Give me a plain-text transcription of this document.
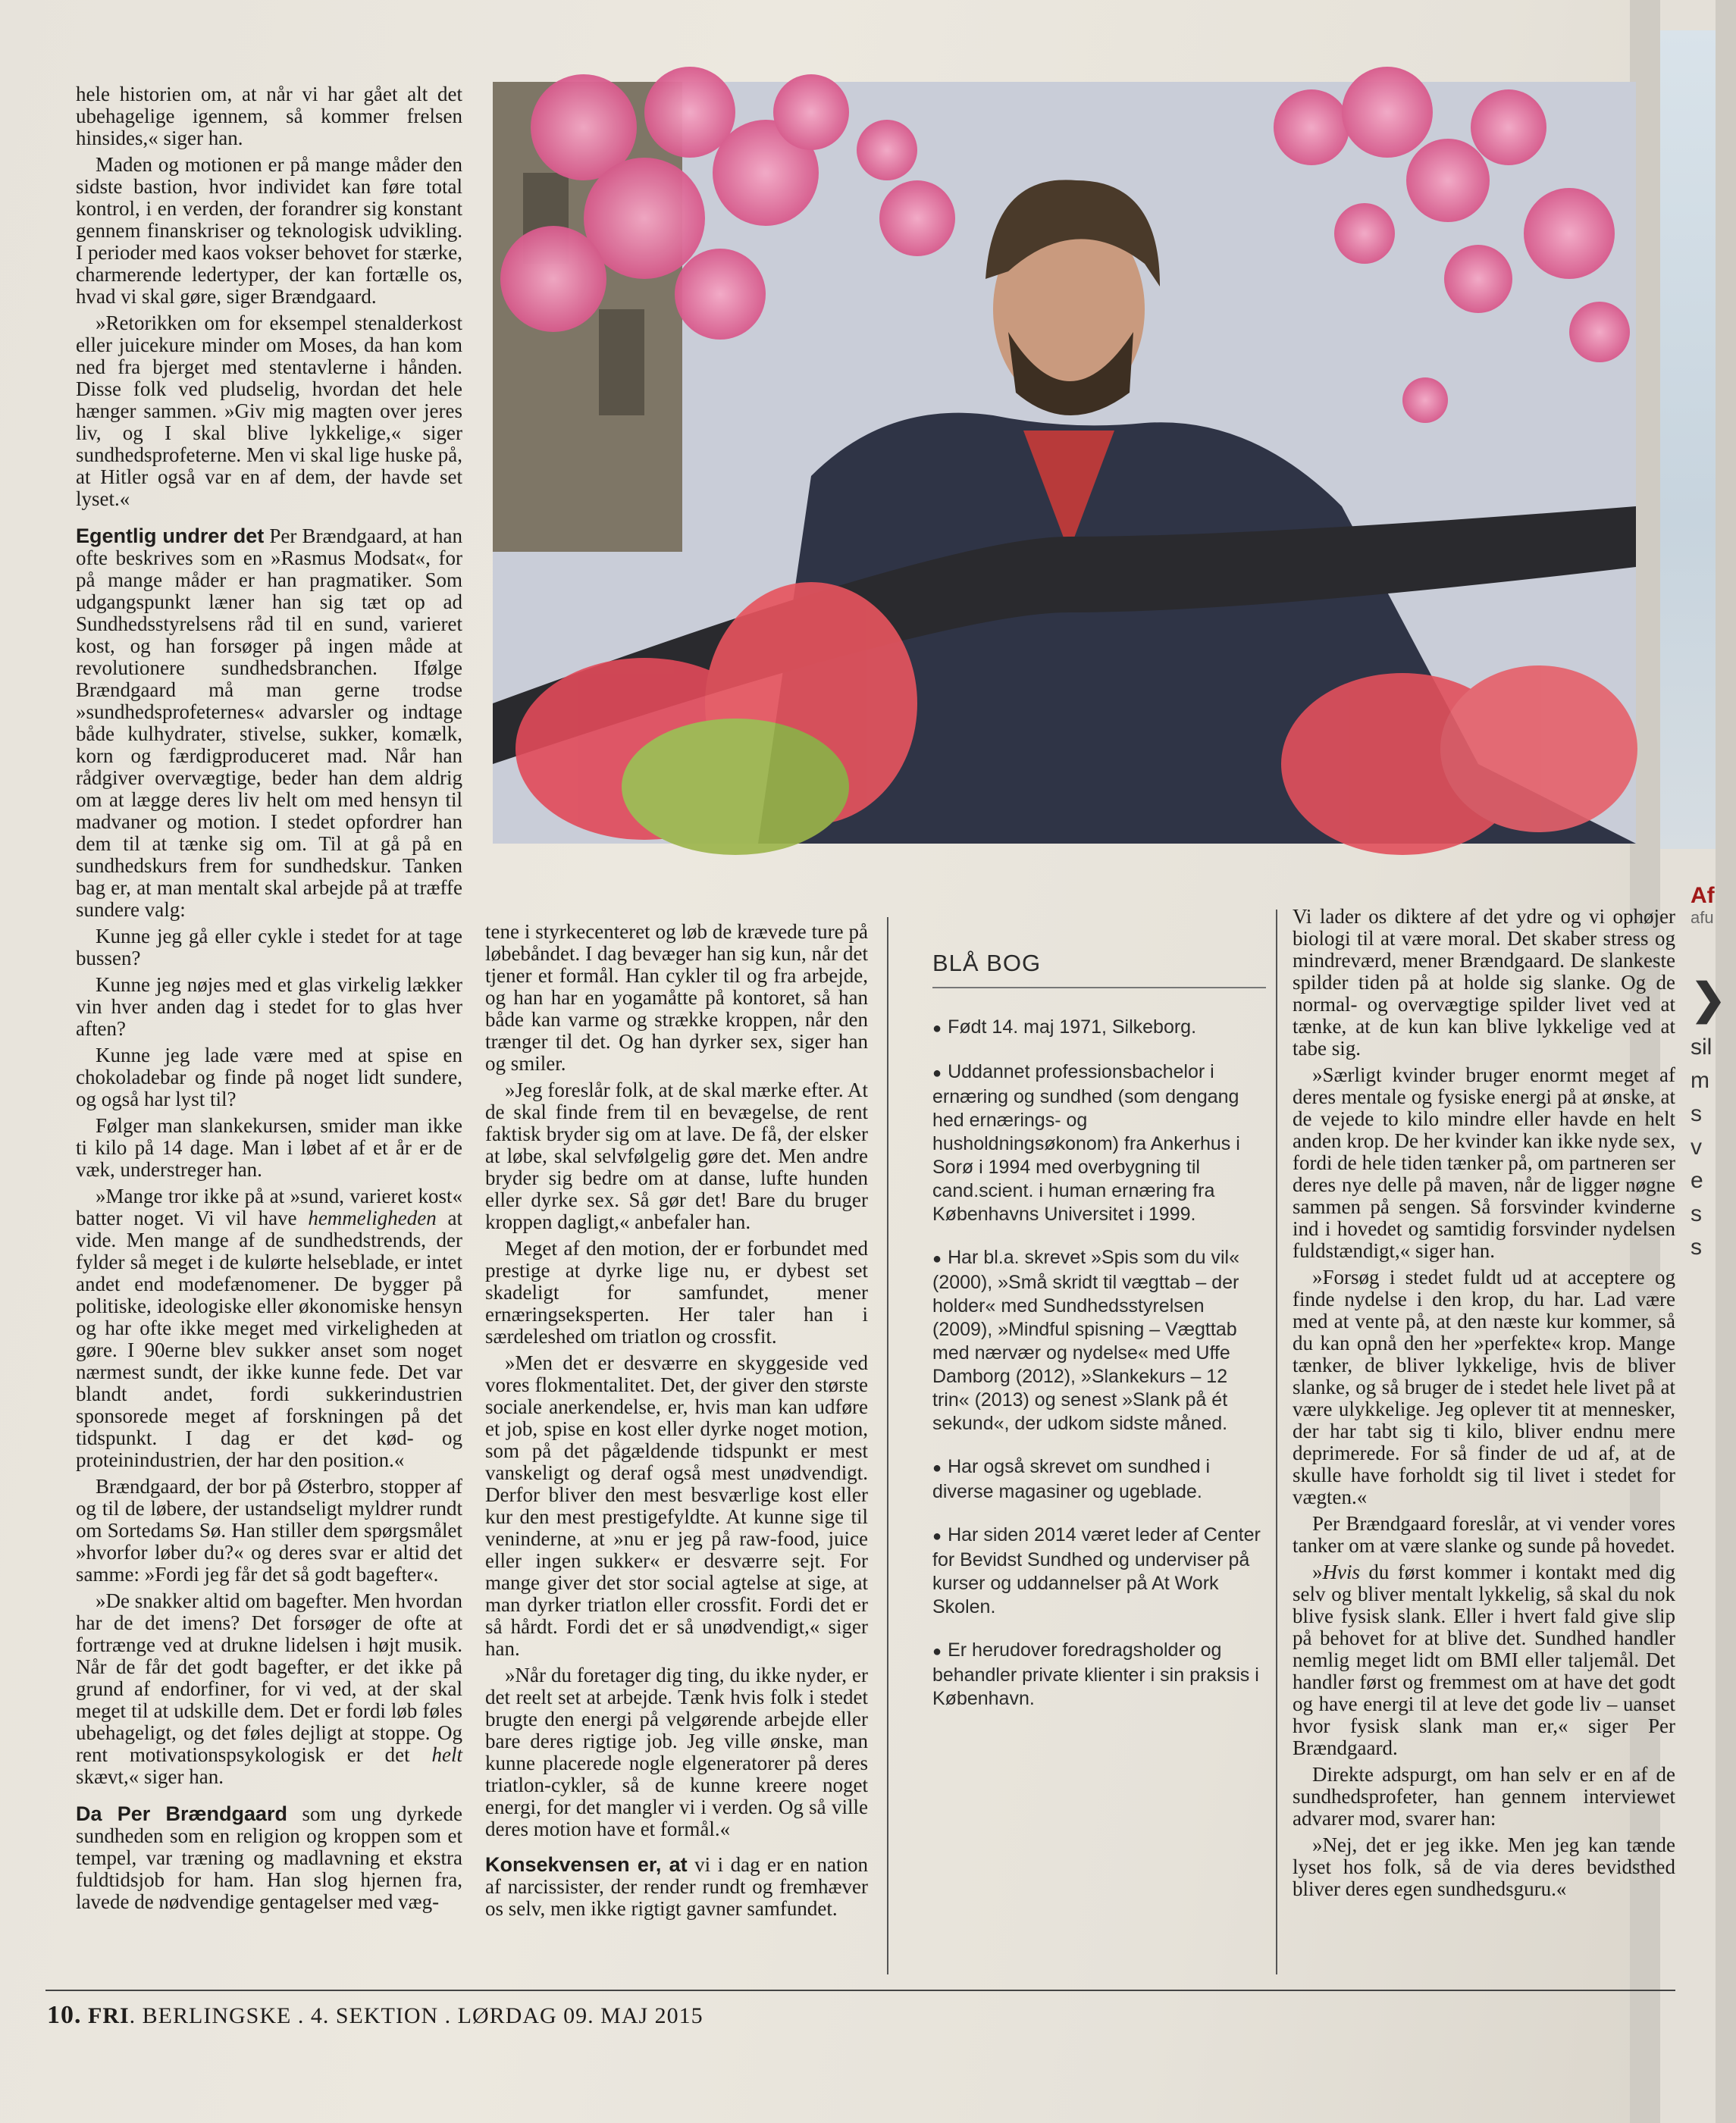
Af
afu
❯
sil
m
s
v
e
s
s

hele historien om, at når vi har gået alt det ubehagelige igennem, så kommer frelsen hinsides,« siger han.

Maden og motionen er på mange måder den sidste bastion, hvor individet kan føre total kontrol, i en verden, der forandrer sig konstant gennem finanskriser og teknologisk udvikling. I perioder med kaos vokser behovet for stærke, charmerende ledertyper, der kan fortælle os, hvad vi skal gøre, siger Brændgaard.

»Retorikken om for eksempel stenalderkost eller juicekure minder om Moses, da han kom ned fra bjerget med stentavlerne i hånden. Disse folk ved pludselig, hvordan det hele hænger sammen. »Giv mig magten over jeres liv, og I skal blive lykkelige,« siger sundhedsprofeterne. Men vi skal lige huske på, at Hitler også var en af dem, der havde set lyset.«

Egentlig undrer det Per Brændgaard, at han ofte beskrives som en »Rasmus Modsat«, for på mange måder er han pragmatiker. Som udgangspunkt læner han sig tæt op ad Sundhedsstyrelsens råd til en sund, varieret kost, og han forsøger på ingen måde at revolutionere sundhedsbranchen. Ifølge Brændgaard må man gerne trodse »sundhedsprofeternes« advarsler og indtage både kulhydrater, stivelse, sukker, komælk, korn og færdigproduceret mad. Når han rådgiver overvægtige, beder han dem aldrig om at lægge deres liv helt om med hensyn til madvaner og motion. I stedet opfordrer han dem til at tænke sig om. Til at gå på en sundhedskurs frem for sundhedskur. Tanken bag er, at man mentalt skal arbejde på at træffe sundere valg:

Kunne jeg gå eller cykle i stedet for at tage bussen?

Kunne jeg nøjes med et glas virkelig lækker vin hver anden dag i stedet for to glas hver aften?

Kunne jeg lade være med at spise en chokoladebar og finde på noget lidt sundere, og også har lyst til?

Følger man slankekursen, smider man ikke ti kilo på 14 dage. Man i løbet af et år er de væk, understreger han.

»Mange tror ikke på at »sund, varieret kost« batter noget. Vi vil have hemmeligheden at vide. Men mange af de sundhedstrends, der fylder så meget i de kulørte helseblade, er intet andet end modefænomener. De bygger på politiske, ideologiske eller økonomiske hensyn og har ofte ikke meget med virkeligheden at gøre. I 90erne blev sukker anset som noget nærmest sundt, der ikke kunne fede. Det var blandt andet, fordi sukkerindustrien sponsorede meget af forskningen på det tidspunkt. I dag er det kød- og proteinindustrien, der har den position.«

Brændgaard, der bor på Østerbro, stopper af og til de løbere, der ustandseligt myldrer rundt om Sortedams Sø. Han stiller dem spørgsmålet »hvorfor løber du?« og deres svar er altid det samme: »Fordi jeg får det så godt bagefter«.

»De snakker altid om bagefter. Men hvordan har de det imens? Det forsøger de ofte at fortrænge ved at drukne lidelsen i højt musik. Når de får det godt bagefter, er det ikke på grund af endorfiner, for vi ved, at der skal meget til at udskille dem. Det er fordi løb føles ubehageligt, og det føles dejligt at stoppe. Og rent motivationspsykologisk er det helt skævt,« siger han.

Da Per Brændgaard som ung dyrkede sundheden som en religion og kroppen som et tempel, var træning og madlavning et ekstra fuldtidsjob for ham. Han slog hjernen fra, lavede de nødvendige gentagelser med væg-

tene i styrkecenteret og løb de krævede ture på løbebåndet. I dag bevæger han sig kun, når det tjener et formål. Han cykler til og fra arbejde, og han har en yogamåtte på kontoret, så han både kan varme og strække kroppen, når den trænger til det. Og han dyrker sex, siger han og smiler.

»Jeg foreslår folk, at de skal mærke efter. At de skal finde frem til en bevægelse, de rent faktisk bryder sig om at lave. De få, der elsker at løbe, skal selvfølgelig gøre det. Men andre bryder sig bedre om at danse, lufte hunden eller dyrke sex. Så gør det! Bare du bruger kroppen dagligt,« anbefaler han.

Meget af den motion, der er forbundet med prestige at dyrke lige nu, er dybest set skadeligt for samfundet, mener ernæringseksperten. Her taler han i særdeleshed om triatlon og crossfit.

»Men det er desværre en skyggeside ved vores flokmentalitet. Det, der giver den største sociale anerkendelse, er, hvis man kan udføre et job, spise en kost eller dyrke noget motion, som på det pågældende tidspunkt er mest vanskeligt og deraf også mest unødvendigt. Derfor bliver den mest besværlige kost eller kur den mest prestigefyldte. At kunne sige til veninderne, at »nu er jeg på raw-food, juice eller ingen sukker« er desværre sejt. For mange giver det stor social agtelse at sige, at man dyrker triatlon eller crossfit. Fordi det er så hårdt. Fordi det er så unødvendigt,« siger han.

»Når du foretager dig ting, du ikke nyder, er det reelt set at arbejde. Tænk hvis folk i stedet brugte den energi på velgørende arbejde eller bare deres rigtige job. Jeg ville ønske, man kunne placerede nogle elgeneratorer på deres triatlon-cykler, så de kunne kreere noget energi, for det mangler vi i verden. Og så ville deres motion have et formål.«

Konsekvensen er, at vi i dag er en nation af narcissister, der render rundt og fremhæver os selv, men ikke rigtigt gavner samfundet.

BLÅ BOG
● Født 14. maj 1971, Silkeborg.
● Uddannet professionsbachelor i ernæring og sundhed (som dengang hed ernærings- og husholdningsøkonom) fra Ankerhus i Sorø i 1994 med overbygning til cand.scient. i human ernæring fra Københavns Universitet i 1999.
● Har bl.a. skrevet »Spis som du vil« (2000), »Små skridt til vægttab – der holder« med Sundhedsstyrelsen (2009), »Mindful spisning – Vægttab med nærvær og nydelse« med Uffe Damborg (2012), »Slankekurs – 12 trin« (2013) og senest »Slank på ét sekund«, der udkom sidste måned.
● Har også skrevet om sundhed i diverse magasiner og ugeblade.
● Har siden 2014 været leder af Center for Bevidst Sundhed og underviser på kurser og uddannelser på At Work Skolen.
● Er herudover foredragsholder og behandler private klienter i sin praksis i København.

Vi lader os diktere af det ydre og vi ophøjer biologi til at være moral. Det skaber stress og mindreværd, mener Brændgaard. De slankeste spilder tiden på at holde sig slanke. Og de normal- og overvægtige spilder livet ved at tænke, at de kun kan blive lykkelige ved at tabe sig.

»Særligt kvinder bruger enormt meget af deres mentale og fysiske energi på at ønske, at de vejede to kilo mindre eller havde en helt anden krop. De her kvinder kan ikke nyde sex, fordi de hele tiden tænker på, om partneren ser deres nye delle på maven, når de ligger nøgne sammen på sengen. Så forsvinder kvinderne ind i hovedet og samtidig forsvinder nydelsen fuldstændigt,« siger han.

»Forsøg i stedet fuldt ud at acceptere og finde nydelse i den krop, du har. Lad være med at vente på, at den næste kur kommer, så du kan opnå den her »perfekte« krop. Mange tænker, de bliver lykkelige, hvis de bliver slanke, og så bruger de i stedet hele livet på at være ulykkelige. Jeg oplever tit at mennesker, der har tabt sig ti kilo, bliver endnu mere deprimerede. For så finder de ud af, at de skulle have forholdt sig til livet i stedet for vægten.«

Per Brændgaard foreslår, at vi vender vores tanker om at være slanke og sunde på hovedet.

»Hvis du først kommer i kontakt med dig selv og bliver mentalt lykkelig, så skal du nok blive fysisk slank. Eller i hvert fald give slip på behovet for at blive det. Sundhed handler nemlig meget lidt om BMI eller taljemål. Det handler først og fremmest om at have det godt og have energi til at leve det gode liv – uanset hvor fysisk slank man er,« siger Per Brændgaard.

Direkte adspurgt, om han selv er en af de sundhedsprofeter, han gennem interviewet advarer mod, svarer han:

»Nej, det er jeg ikke. Men jeg kan tænde lyset hos folk, så de via deres bevidsthed bliver deres egen sundhedsguru.«

10. FRI. BERLINGSKE . 4. SEKTION . LØRDAG 09. MAJ 2015
